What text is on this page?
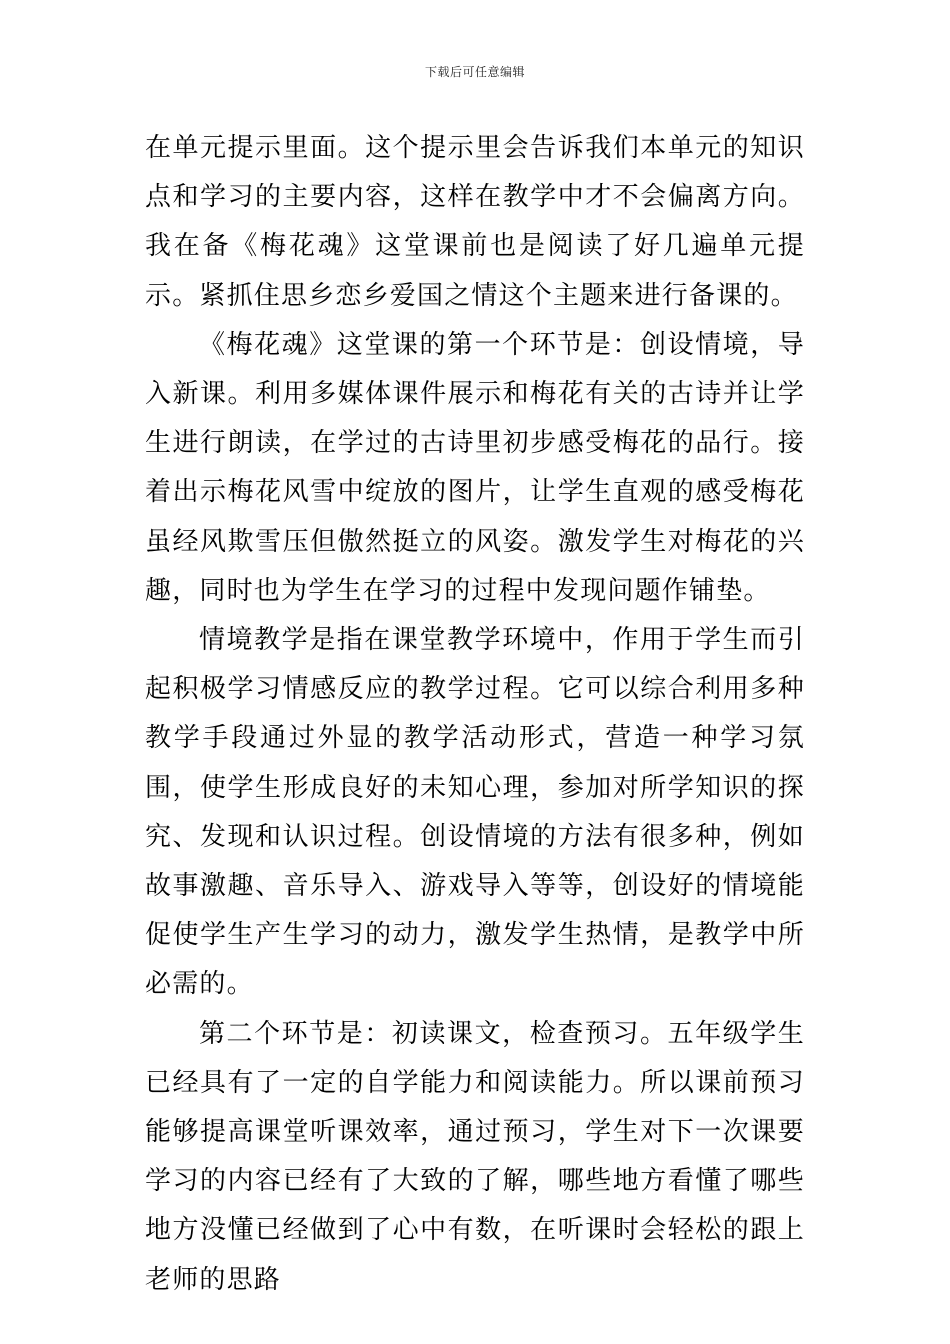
下载后可任意编辑

在单元提示里面。这个提示里会告诉我们本单元的知识点和学习的主要内容，这样在教学中才不会偏离方向。我在备《梅花魂》这堂课前也是阅读了好几遍单元提示。紧抓住思乡恋乡爱国之情这个主题来进行备课的。

《梅花魂》这堂课的第一个环节是：创设情境，导入新课。利用多媒体课件展示和梅花有关的古诗并让学生进行朗读，在学过的古诗里初步感受梅花的品行。接着出示梅花风雪中绽放的图片，让学生直观的感受梅花虽经风欺雪压但傲然挺立的风姿。激发学生对梅花的兴趣，同时也为学生在学习的过程中发现问题作铺垫。

情境教学是指在课堂教学环境中，作用于学生而引起积极学习情感反应的教学过程。它可以综合利用多种教学手段通过外显的教学活动形式，营造一种学习氛围，使学生形成良好的未知心理，参加对所学知识的探究、发现和认识过程。创设情境的方法有很多种，例如故事激趣、音乐导入、游戏导入等等，创设好的情境能促使学生产生学习的动力，激发学生热情，是教学中所必需的。

第二个环节是：初读课文，检查预习。五年级学生已经具有了一定的自学能力和阅读能力。所以课前预习能够提高课堂听课效率，通过预习，学生对下一次课要学习的内容已经有了大致的了解，哪些地方看懂了哪些地方没懂已经做到了心中有数，在听课时会轻松的跟上老师的思路
